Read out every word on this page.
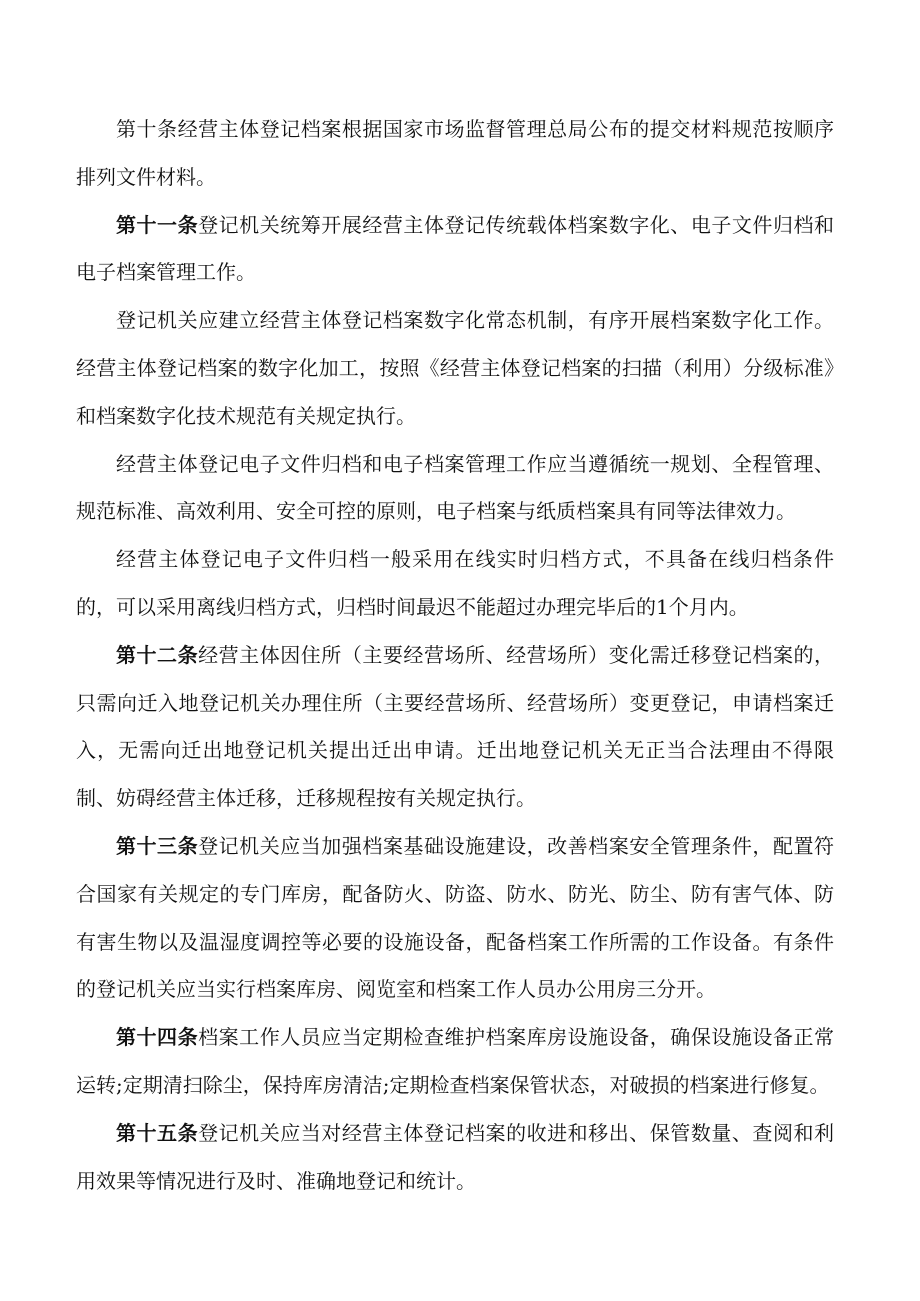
第十条经营主体登记档案根据国家市场监督管理总局公布的提交材料规范按顺序排列文件材料。

第十一条登记机关统筹开展经营主体登记传统载体档案数字化、电子文件归档和电子档案管理工作。

登记机关应建立经营主体登记档案数字化常态机制，有序开展档案数字化工作。经营主体登记档案的数字化加工，按照《经营主体登记档案的扫描（利用）分级标准》和档案数字化技术规范有关规定执行。

经营主体登记电子文件归档和电子档案管理工作应当遵循统一规划、全程管理、规范标准、高效利用、安全可控的原则，电子档案与纸质档案具有同等法律效力。

经营主体登记电子文件归档一般采用在线实时归档方式，不具备在线归档条件的，可以采用离线归档方式，归档时间最迟不能超过办理完毕后的1个月内。

第十二条经营主体因住所（主要经营场所、经营场所）变化需迁移登记档案的，只需向迁入地登记机关办理住所（主要经营场所、经营场所）变更登记，申请档案迁入，无需向迁出地登记机关提出迁出申请。迁出地登记机关无正当合法理由不得限制、妨碍经营主体迁移，迁移规程按有关规定执行。

第十三条登记机关应当加强档案基础设施建设，改善档案安全管理条件，配置符合国家有关规定的专门库房，配备防火、防盗、防水、防光、防尘、防有害气体、防有害生物以及温湿度调控等必要的设施设备，配备档案工作所需的工作设备。有条件的登记机关应当实行档案库房、阅览室和档案工作人员办公用房三分开。

第十四条档案工作人员应当定期检查维护档案库房设施设备，确保设施设备正常运转;定期清扫除尘，保持库房清洁;定期检查档案保管状态，对破损的档案进行修复。

第十五条登记机关应当对经营主体登记档案的收进和移出、保管数量、查阅和利用效果等情况进行及时、准确地登记和统计。
